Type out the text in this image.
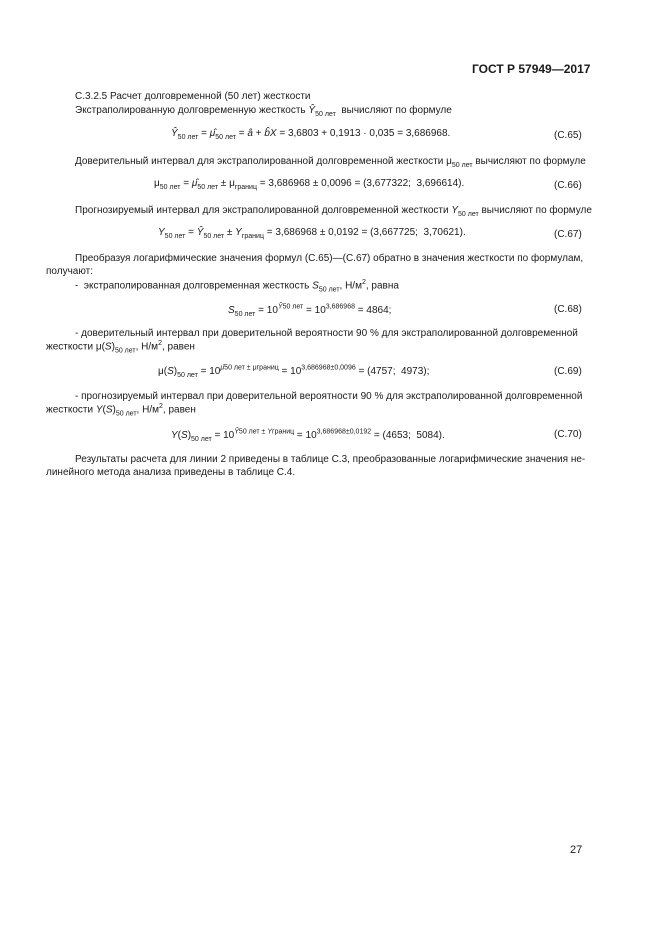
ГОСТ Р 57949—2017
С.3.2.5 Расчет долговременной (50 лет) жесткости
Экстраполированную долговременную жесткость $Ŷ_{50 лет}$  вычисляют по формуле
$Ŷ_{50 лет}$ = $\mû_{50 лет}$ = â + b̂X = 3,6803 + 0,1913 · 0,035 = 3,686968.	(С.65)
Доверительный интервал для экстраполированной долговременной жесткости $\mu_{50 лет}$ вычисляют по формуле
$\mu_{50 лет}$ = $\mû_{50 лет} \pm \mu_{границ} = 3,686968 \pm 0,0096 = (3,677322$;  3,696614).	(С.66)
Прогнозируемый интервал для экстраполированной долговременной жесткости $Y_{50 лет}$ вычисляют по формуле
$Y_{50 лет}$ = $Ŷ_{50 лет} \pm Y_{границ} = 3,686968 \pm 0,0192 = (3,667725$;  3,70621).	(С.67)
Преобразуя логарифмические значения формул (С.65)—(С.67) обратно в значения жесткости по формулам,
получают:
-  экстраполированная долговременная жесткость $S_{50 лет}$, $Н/м^2$, равна
$S_{50 лет} = 10^{Ŷ50 лет} = 10^{3,686968} = 4864$;	(С.68)
- доверительный интервал при доверительной вероятности 90 % для экстраполированной долговременной
жесткости $\mu(S)_{50 лет}$, $Н/м^2$, равен
$\mu(S)_{50 лет} = 10^{\mû50 лет \pm \mu границ} = 10^{3,686968\pm 0,0096} = (4757$;  4973);	(С.69)
- прогнозируемый интервал при доверительной вероятности 90 % для экстраполированной долговременной
жесткости $Y(S)_{50 лет}$, $Н/м^2$, равен
$Y(S)_{50 лет} = 10^{Ŷ50 лет \pm Yграниц} = 10^{3,686968\pm 0,0192} = (4653$;  5084).	(С.70)
Результаты расчета для линии 2 приведены в таблице С.3, преобразованные логарифмические значения не-
линейного метода анализа приведены в таблице С.4.
27
